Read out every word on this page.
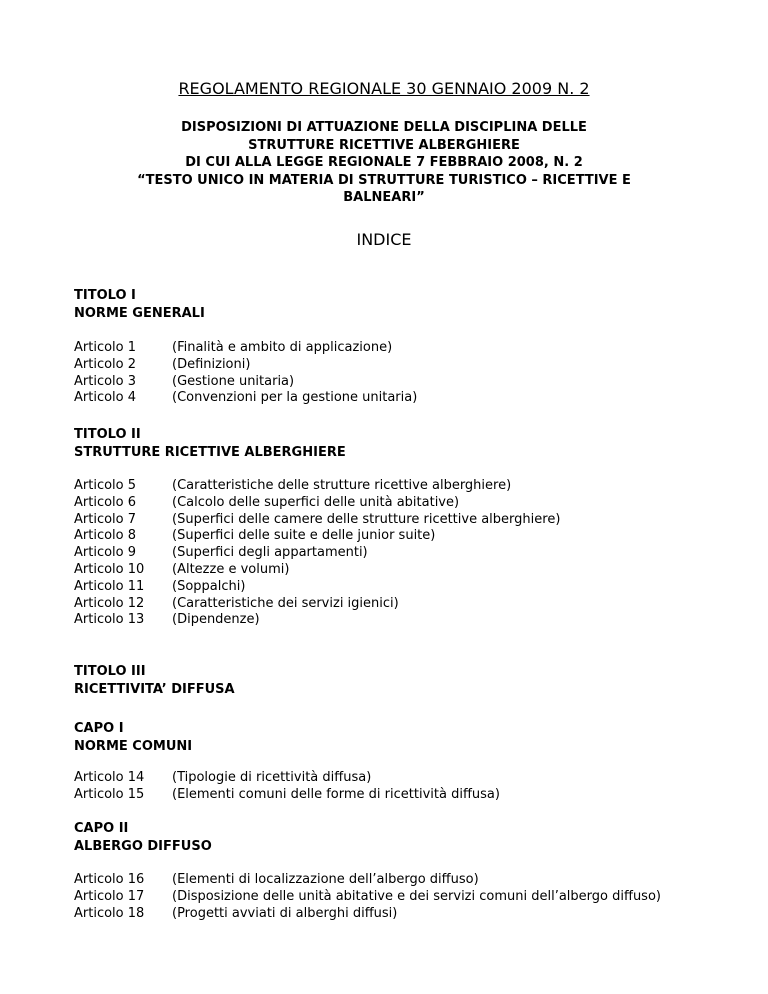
REGOLAMENTO REGIONALE 30 GENNAIO 2009 N. 2
DISPOSIZIONI DI ATTUAZIONE DELLA DISCIPLINA DELLE
STRUTTURE RICETTIVE ALBERGHIERE
DI CUI ALLA LEGGE REGIONALE 7 FEBBRAIO 2008, N. 2
“TESTO UNICO IN MATERIA DI STRUTTURE TURISTICO – RICETTIVE E
BALNEARI”
INDICE
TITOLO I
NORME GENERALI
Articolo 1	(Finalità e ambito di applicazione)
Articolo 2	(Definizioni)
Articolo 3	(Gestione unitaria)
Articolo 4	(Convenzioni per la gestione unitaria)
TITOLO II
STRUTTURE RICETTIVE ALBERGHIERE
Articolo 5	(Caratteristiche delle strutture ricettive alberghiere)
Articolo 6	(Calcolo delle superfici delle unità abitative)
Articolo 7	(Superfici delle camere delle strutture ricettive alberghiere)
Articolo 8	(Superfici delle suite e delle junior suite)
Articolo 9	(Superfici degli appartamenti)
Articolo 10	(Altezze e volumi)
Articolo 11	(Soppalchi)
Articolo 12	(Caratteristiche dei servizi igienici)
Articolo 13	(Dipendenze)
TITOLO III
RICETTIVITA’ DIFFUSA
CAPO I
NORME COMUNI
Articolo 14	(Tipologie di ricettività diffusa)
Articolo 15	(Elementi comuni delle forme di ricettività diffusa)
CAPO II
ALBERGO DIFFUSO
Articolo 16	(Elementi di localizzazione dell’albergo diffuso)
Articolo 17	(Disposizione delle unità abitative e dei servizi comuni dell’albergo diffuso)
Articolo 18	(Progetti avviati di alberghi diffusi)
